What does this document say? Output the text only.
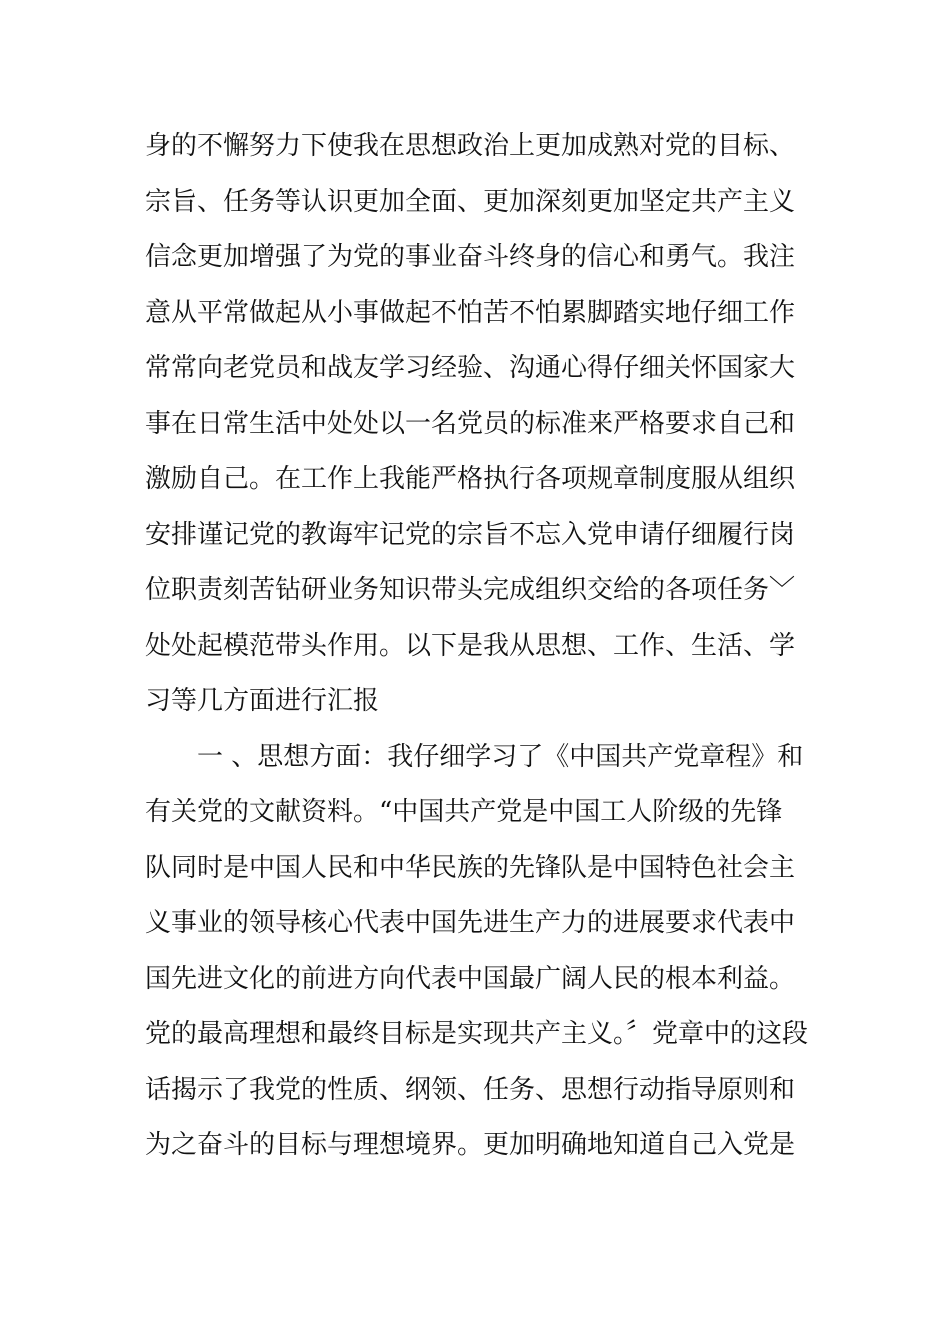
身的不懈努力下使我在思想政治上更加成熟对党的目标、
宗旨、任务等认识更加全面、更加深刻更加坚定共产主义
信念更加增强了为党的事业奋斗终身的信心和勇气。我注
意从平常做起从小事做起不怕苦不怕累脚踏实地仔细工作
常常向老党员和战友学习经验、沟通心得仔细关怀国家大
事在日常生活中处处以一名党员的标准来严格要求自己和
激励自己。在工作上我能严格执行各项规章制度服从组织
安排谨记党的教诲牢记党的宗旨不忘入党申请仔细履行岗
位职责刻苦钻研业务知识带头完成组织交给的各项任务﹀
处处起模范带头作用。以下是我从思想、工作、生活、学
习等几方面进行汇报
一 、思想方面：我仔细学习了《中国共产党章程》和
有关党的文献资料。“中国共产党是中国工人阶级的先锋
队同时是中国人民和中华民族的先锋队是中国特色社会主
义事业的领导核心代表中国先进生产力的进展要求代表中
国先进文化的前进方向代表中国最广阔人民的根本利益。
党的最高理想和最终目标是实现共产主义。〞党章中的这段
话揭示了我党的性质、纲领、任务、思想行动指导原则和
为之奋斗的目标与理想境界。更加明确地知道自己入党是
